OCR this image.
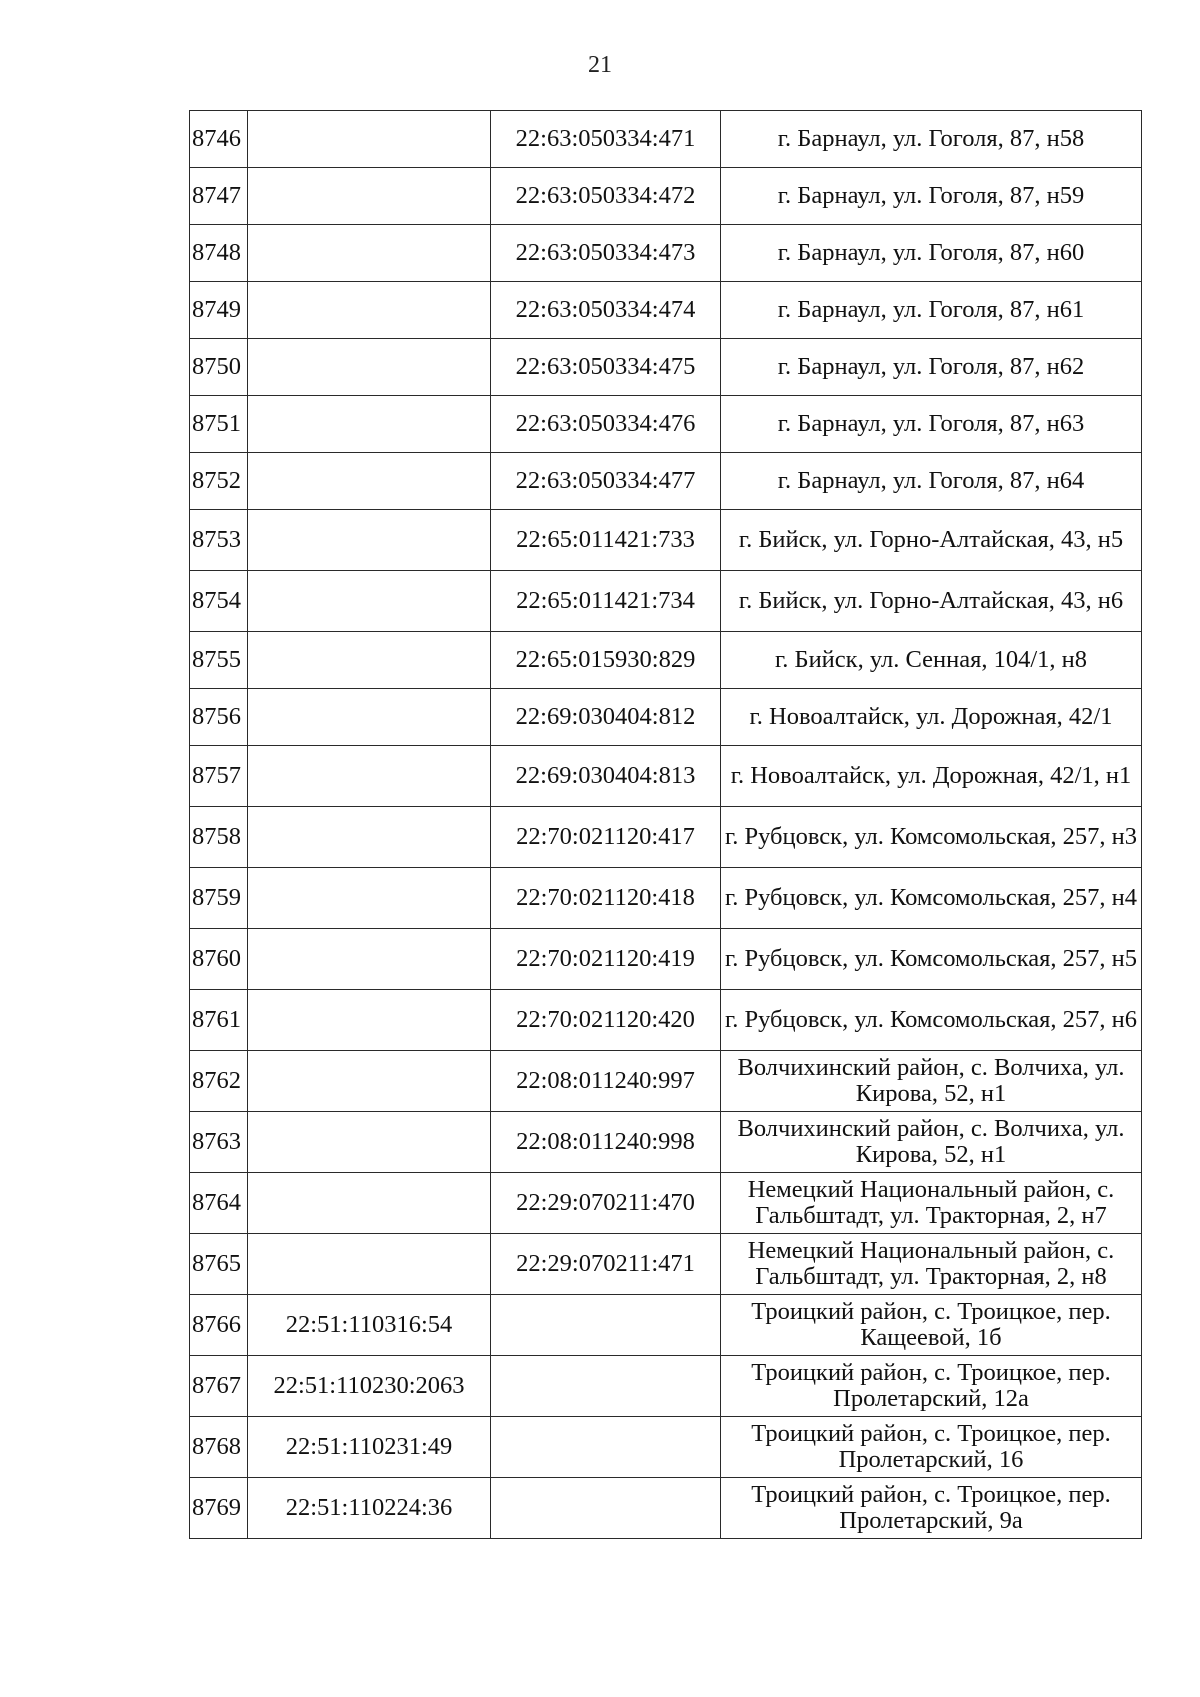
21
8746		22:63:050334:471	г. Барнаул, ул. Гоголя, 87, н58
8747		22:63:050334:472	г. Барнаул, ул. Гоголя, 87, н59
8748		22:63:050334:473	г. Барнаул, ул. Гоголя, 87, н60
8749		22:63:050334:474	г. Барнаул, ул. Гоголя, 87, н61
8750		22:63:050334:475	г. Барнаул, ул. Гоголя, 87, н62
8751		22:63:050334:476	г. Барнаул, ул. Гоголя, 87, н63
8752		22:63:050334:477	г. Барнаул, ул. Гоголя, 87, н64
8753		22:65:011421:733	г. Бийск, ул. Горно-Алтайская, 43, н5
8754		22:65:011421:734	г. Бийск, ул. Горно-Алтайская, 43, н6
8755		22:65:015930:829	г. Бийск, ул. Сенная, 104/1, н8
8756		22:69:030404:812	г. Новоалтайск, ул. Дорожная, 42/1
8757		22:69:030404:813	г. Новоалтайск, ул. Дорожная, 42/1, н1
8758		22:70:021120:417	г. Рубцовск, ул. Комсомольская, 257, н3
8759		22:70:021120:418	г. Рубцовск, ул. Комсомольская, 257, н4
8760		22:70:021120:419	г. Рубцовск, ул. Комсомольская, 257, н5
8761		22:70:021120:420	г. Рубцовск, ул. Комсомольская, 257, н6
8762		22:08:011240:997	Волчихинский район, с. Волчиха, ул. Кирова, 52, н1
8763		22:08:011240:998	Волчихинский район, с. Волчиха, ул. Кирова, 52, н1
8764		22:29:070211:470	Немецкий Национальный район, с. Гальбштадт, ул. Тракторная, 2, н7
8765		22:29:070211:471	Немецкий Национальный район, с. Гальбштадт, ул. Тракторная, 2, н8
8766	22:51:110316:54		Троицкий район, с. Троицкое, пер. Кащеевой, 1б
8767	22:51:110230:2063		Троицкий район, с. Троицкое, пер. Пролетарский, 12а
8768	22:51:110231:49		Троицкий район, с. Троицкое, пер. Пролетарский, 16
8769	22:51:110224:36		Троицкий район, с. Троицкое, пер. Пролетарский, 9а
